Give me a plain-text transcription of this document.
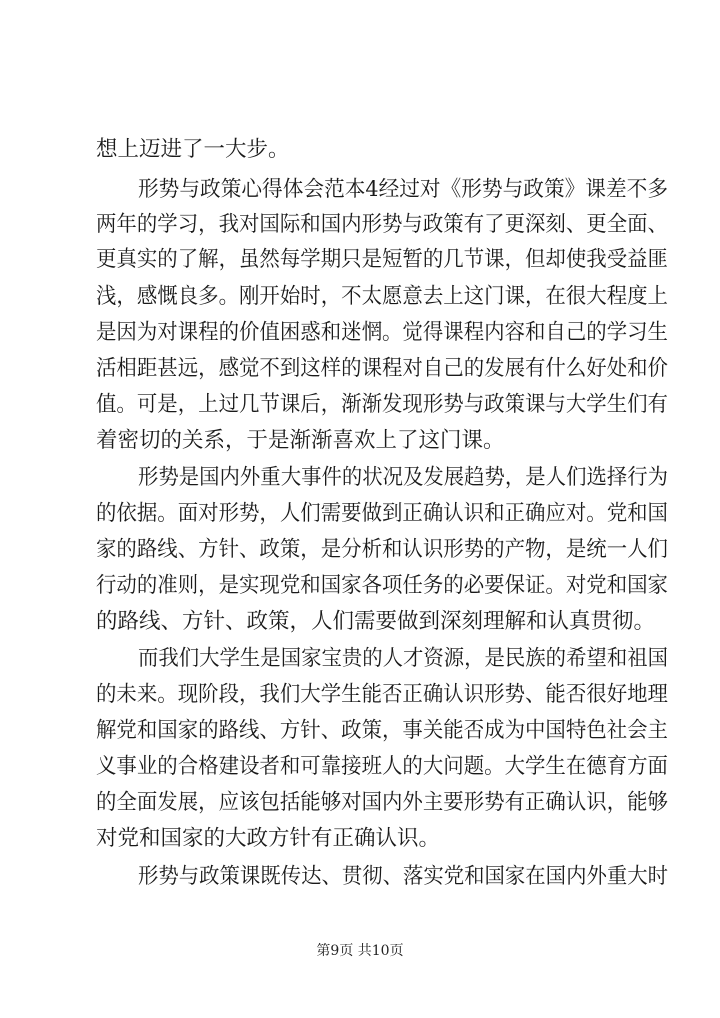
想上迈进了一大步。
形势与政策心得体会范本4经过对《形势与政策》课差不多
两年的学习，我对国际和国内形势与政策有了更深刻、更全面、
更真实的了解，虽然每学期只是短暂的几节课，但却使我受益匪
浅，感慨良多。刚开始时，不太愿意去上这门课，在很大程度上
是因为对课程的价值困惑和迷惘。觉得课程内容和自己的学习生
活相距甚远，感觉不到这样的课程对自己的发展有什么好处和价
值。可是，上过几节课后，渐渐发现形势与政策课与大学生们有
着密切的关系，于是渐渐喜欢上了这门课。
形势是国内外重大事件的状况及发展趋势，是人们选择行为
的依据。面对形势，人们需要做到正确认识和正确应对。党和国
家的路线、方针、政策，是分析和认识形势的产物，是统一人们
行动的准则，是实现党和国家各项任务的必要保证。对党和国家
的路线、方针、政策，人们需要做到深刻理解和认真贯彻。
而我们大学生是国家宝贵的人才资源，是民族的希望和祖国
的未来。现阶段，我们大学生能否正确认识形势、能否很好地理
解党和国家的路线、方针、政策，事关能否成为中国特色社会主
义事业的合格建设者和可靠接班人的大问题。大学生在德育方面
的全面发展，应该包括能够对国内外主要形势有正确认识，能够
对党和国家的大政方针有正确认识。
形势与政策课既传达、贯彻、落实党和国家在国内外重大时
第9页 共10页
